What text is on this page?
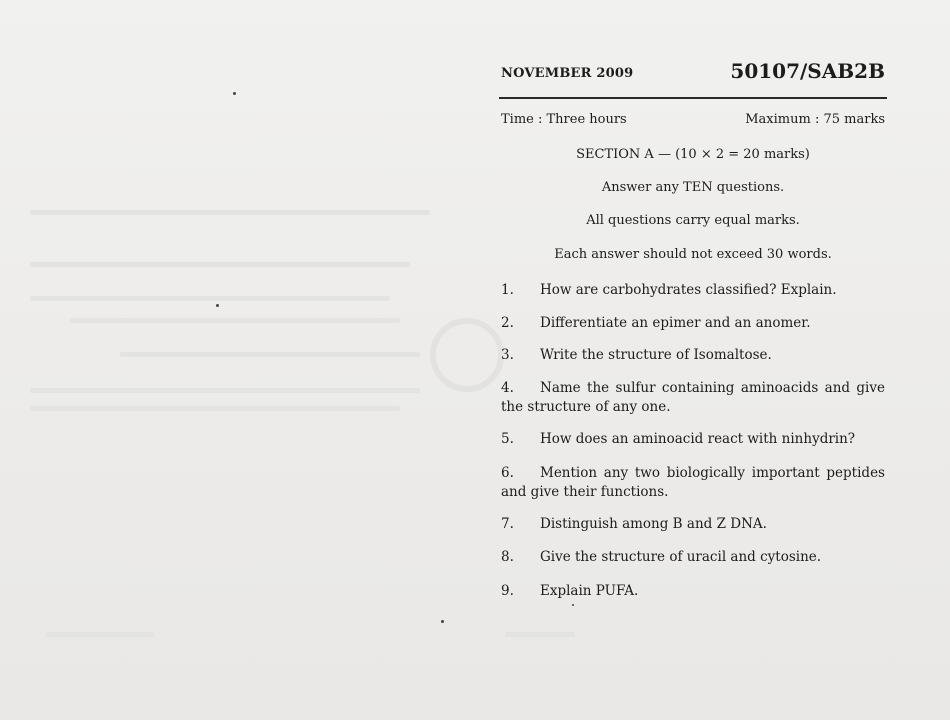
NOVEMBER 2009	50107/SAB2B
Time : Three hours	Maximum : 75 marks
SECTION A — (10 × 2 = 20 marks)
Answer any TEN questions.
All questions carry equal marks.
Each answer should not exceed 30 words.
1. How are carbohydrates classified? Explain.
2. Differentiate an epimer and an anomer.
3. Write the structure of Isomaltose.
4. Name the sulfur containing aminoacids and give the structure of any one.
5. How does an aminoacid react with ninhydrin?
6. Mention any two biologically important peptides and give their functions.
7. Distinguish among B and Z DNA.
8. Give the structure of uracil and cytosine.
9. Explain PUFA.
